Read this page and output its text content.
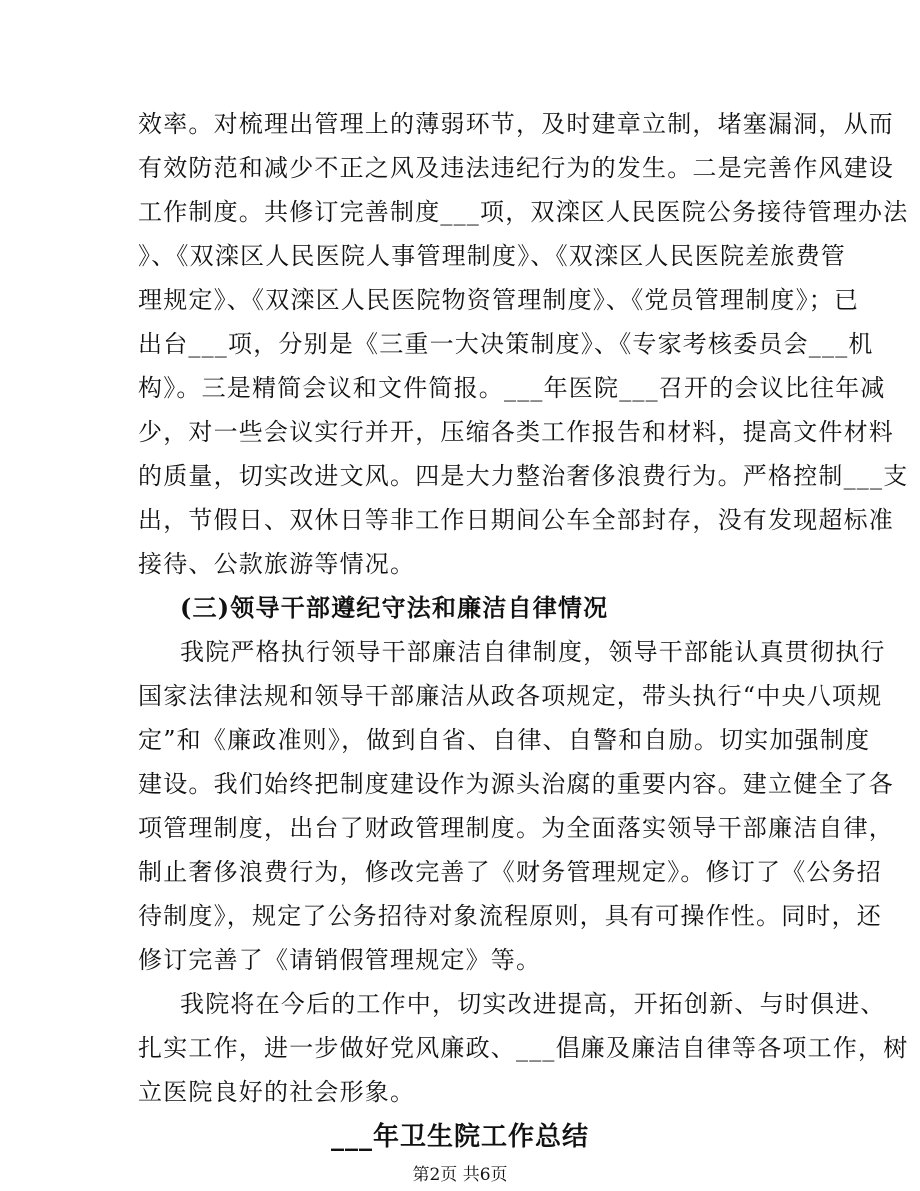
效率。对梳理出管理上的薄弱环节，及时建章立制，堵塞漏洞，从而
有效防范和减少不正之风及违法违纪行为的发生。二是完善作风建设
工作制度。共修订完善制度___项，双滦区人民医院公务接待管理办法
》、《双滦区人民医院人事管理制度》、《双滦区人民医院差旅费管
理规定》、《双滦区人民医院物资管理制度》、《党员管理制度》；已
出台___项，分别是《三重一大决策制度》、《专家考核委员会___机
构》。三是精简会议和文件简报。___年医院___召开的会议比往年减
少，对一些会议实行并开，压缩各类工作报告和材料，提高文件材料
的质量，切实改进文风。四是大力整治奢侈浪费行为。严格控制___支
出，节假日、双休日等非工作日期间公车全部封存，没有发现超标准
接待、公款旅游等情况。
(三)领导干部遵纪守法和廉洁自律情况
我院严格执行领导干部廉洁自律制度，领导干部能认真贯彻执行
国家法律法规和领导干部廉洁从政各项规定，带头执行“中央八项规
定”和《廉政准则》，做到自省、自律、自警和自励。切实加强制度
建设。我们始终把制度建设作为源头治腐的重要内容。建立健全了各
项管理制度，出台了财政管理制度。为全面落实领导干部廉洁自律，
制止奢侈浪费行为，修改完善了《财务管理规定》。修订了《公务招
待制度》，规定了公务招待对象流程原则，具有可操作性。同时，还
修订完善了《请销假管理规定》等。
我院将在今后的工作中，切实改进提高，开拓创新、与时俱进、
扎实工作，进一步做好党风廉政、___倡廉及廉洁自律等各项工作，树
立医院良好的社会形象。
___年卫生院工作总结
第2页 共6页
